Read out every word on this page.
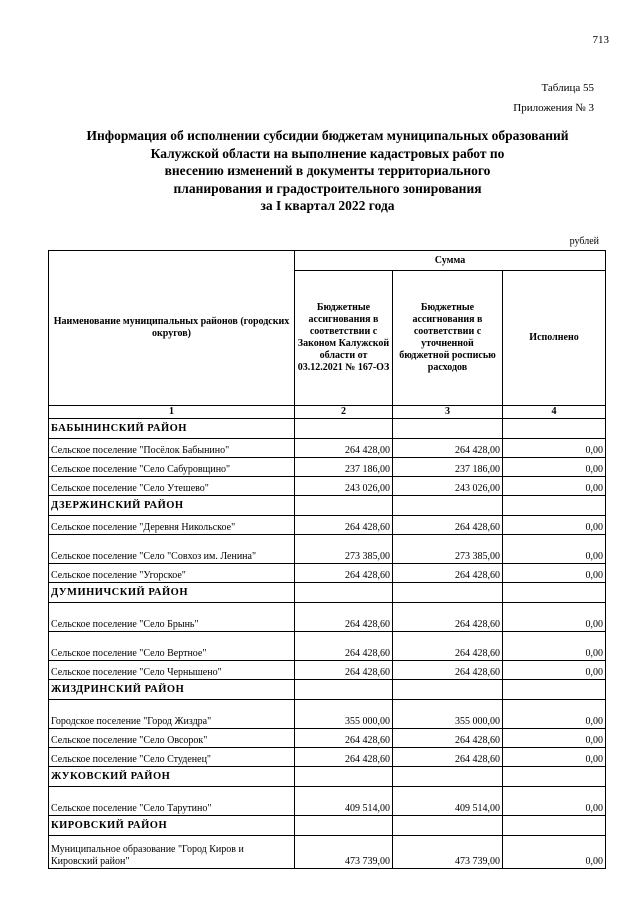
713
Таблица 55
Приложения № 3
Информация об исполнении субсидии бюджетам муниципальных образований
Калужской области на выполнение кадастровых работ по
внесению изменений в документы территориального
планирования и градостроительного зонирования
за I квартал 2022 года
рублей
Наименование муниципальных районов (городских округов)	Сумма		
	Бюджетные ассигнования в соответствии с Законом Калужской области от 03.12.2021 № 167-ОЗ	Бюджетные ассигнования в соответствии с уточненной бюджетной росписью расходов	Исполнено
1	2	3	4
БАБЫНИНСКИЙ РАЙОН			
Сельское поселение "Посёлок Бабынино"	264 428,00	264 428,00	0,00
Сельское поселение "Село Сабуровщино"	237 186,00	237 186,00	0,00
Сельское поселение "Село Утешево"	243 026,00	243 026,00	0,00
ДЗЕРЖИНСКИЙ РАЙОН			
Сельское поселение "Деревня Никольское"	264 428,60	264 428,60	0,00
Сельское поселение "Село "Совхоз им. Ленина"	273 385,00	273 385,00	0,00
Сельское поселение "Угорское"	264 428,60	264 428,60	0,00
ДУМИНИЧСКИЙ РАЙОН			
Сельское поселение "Село Брынь"	264 428,60	264 428,60	0,00
Сельское поселение "Село Вертное"	264 428,60	264 428,60	0,00
Сельское поселение "Село Чернышено"	264 428,60	264 428,60	0,00
ЖИЗДРИНСКИЙ РАЙОН			
Городское поселение "Город Жиздра"	355 000,00	355 000,00	0,00
Сельское поселение "Село Овсорок"	264 428,60	264 428,60	0,00
Сельское поселение "Село Студенец"	264 428,60	264 428,60	0,00
ЖУКОВСКИЙ РАЙОН			
Сельское поселение "Село Тарутино"	409 514,00	409 514,00	0,00
КИРОВСКИЙ РАЙОН			
Муниципальное образование "Город Киров и Кировский район"	473 739,00	473 739,00	0,00
